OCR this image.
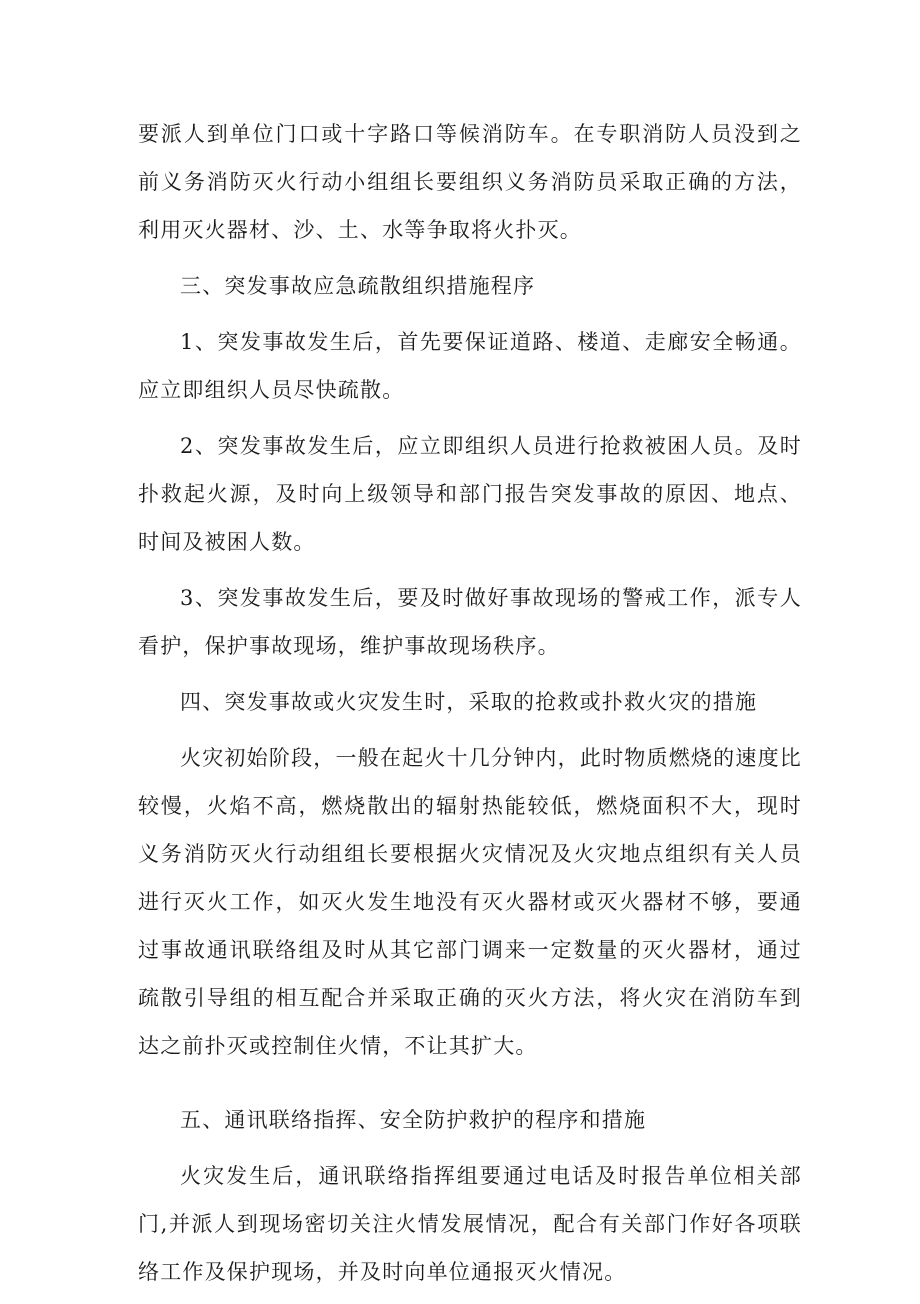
要派人到单位门口或十字路口等候消防车。在专职消防人员没到之前义务消防灭火行动小组组长要组织义务消防员采取正确的方法，利用灭火器材、沙、土、水等争取将火扑灭。

三、突发事故应急疏散组织措施程序

1、突发事故发生后，首先要保证道路、楼道、走廊安全畅通。应立即组织人员尽快疏散。

2、突发事故发生后，应立即组织人员进行抢救被困人员。及时扑救起火源，及时向上级领导和部门报告突发事故的原因、地点、时间及被困人数。

3、突发事故发生后，要及时做好事故现场的警戒工作，派专人看护，保护事故现场，维护事故现场秩序。

四、突发事故或火灾发生时，采取的抢救或扑救火灾的措施

火灾初始阶段，一般在起火十几分钟内，此时物质燃烧的速度比较慢，火焰不高，燃烧散出的辐射热能较低，燃烧面积不大，现时义务消防灭火行动组组长要根据火灾情况及火灾地点组织有关人员进行灭火工作，如灭火发生地没有灭火器材或灭火器材不够，要通过事故通讯联络组及时从其它部门调来一定数量的灭火器材，通过疏散引导组的相互配合并采取正确的灭火方法，将火灾在消防车到达之前扑灭或控制住火情，不让其扩大。

五、通讯联络指挥、安全防护救护的程序和措施

火灾发生后，通讯联络指挥组要通过电话及时报告单位相关部门,并派人到现场密切关注火情发展情况，配合有关部门作好各项联络工作及保护现场，并及时向单位通报灭火情况。
